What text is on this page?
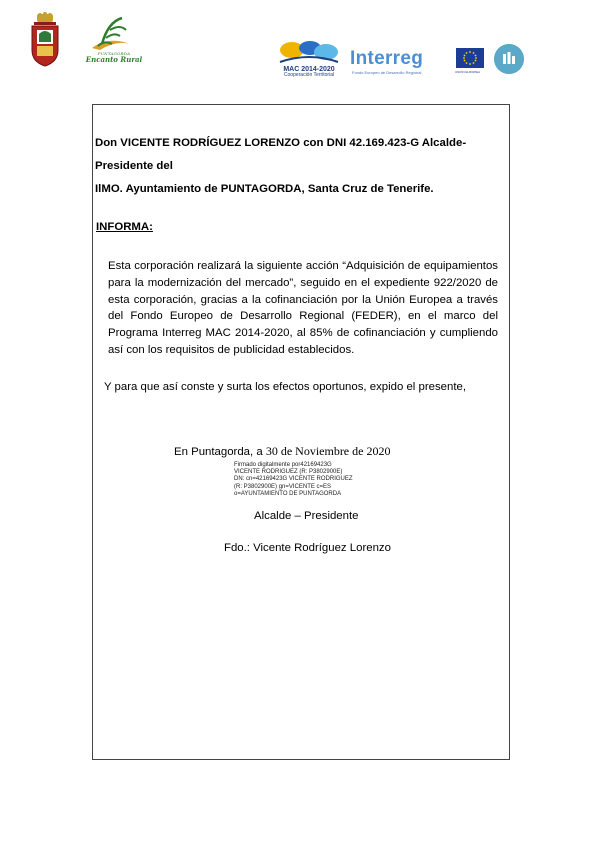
PUNTAGORDA
Encanto Rural
MAC 2014-2020
Cooperación Territorial
Interreg
Fondo Europeo de Desarrollo Regional	UNIÓN EUROPEA
Don VICENTE RODRÍGUEZ LORENZO con DNI 42.169.423-G Alcalde-Presidente del
IlMO. Ayuntamiento de PUNTAGORDA, Santa Cruz de Tenerife.
INFORMA:
Esta corporación realizará la siguiente acción “Adquisición de equipamientos para la modernización del mercado”, seguido en el expediente 922/2020 de esta corporación, gracias a la cofinanciación por la Unión Europea a través del Fondo Europeo de Desarrollo Regional (FEDER), en el marco del Programa Interreg MAC 2014-2020, al 85% de cofinanciación y cumpliendo así con los requisitos de publicidad establecidos.
Y para que así conste y surta los efectos oportunos, expido el presente,
En Puntagorda, a 30 de Noviembre de 2020
Firmado digitalmente por42169423G
VICENTE RODRIGUEZ (R: P3802900E)
DN: cn=42169423G VICENTE RODRIGUEZ
(R: P3802900E) gn=VICENTE c=ES
o=AYUNTAMIENTO DE PUNTAGORDA
Alcalde – Presidente
Fdo.: Vicente Rodríguez Lorenzo
